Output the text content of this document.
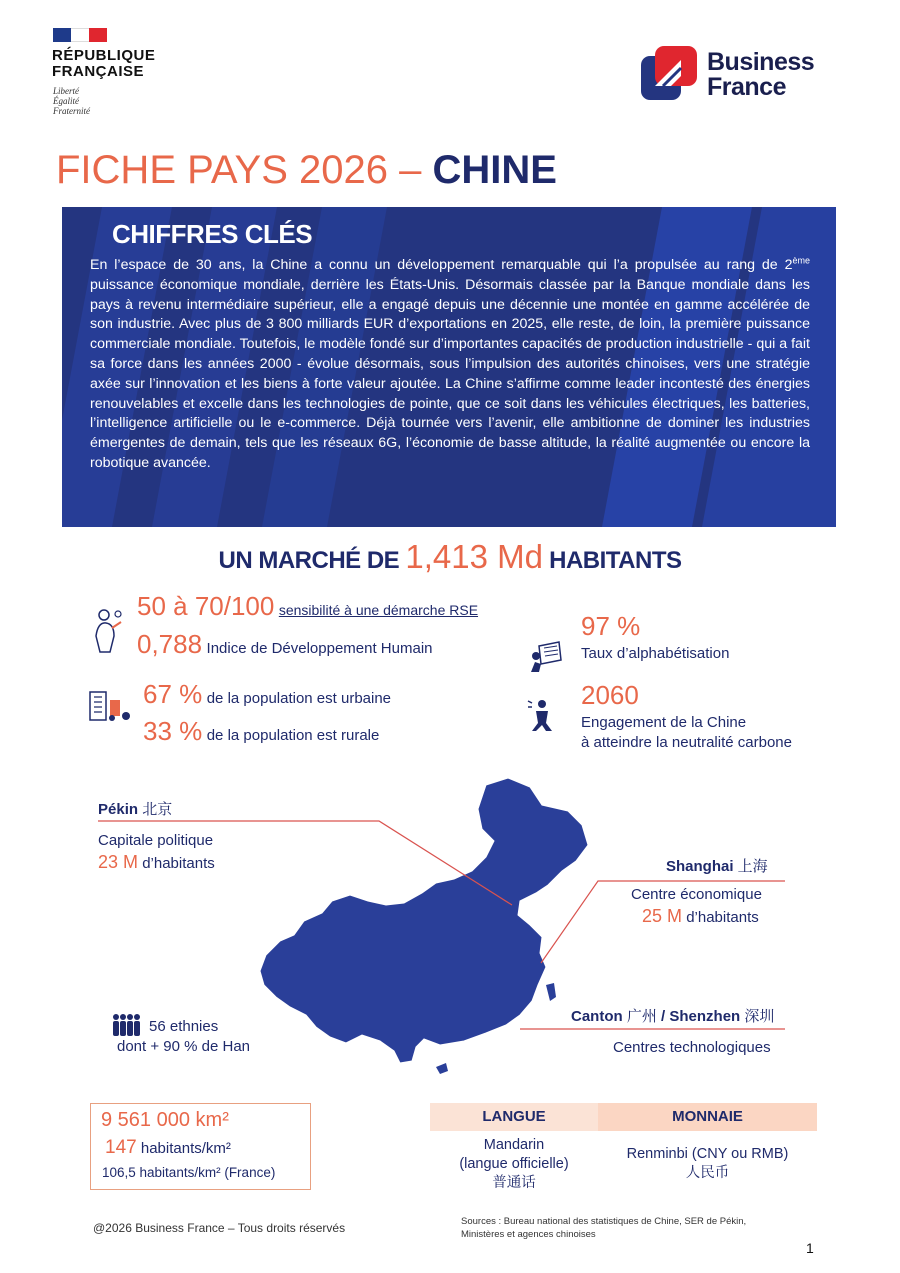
RÉPUBLIQUE
FRANÇAISE
Liberté
Égalité
Fraternité
Business
France
FICHE PAYS 2026 – CHINE
CHIFFRES CLÉS
En l’espace de 30 ans, la Chine a connu un développement remarquable qui l’a propulsée au rang de 2ème puissance économique mondiale, derrière les États-Unis. Désormais classée par la Banque mondiale dans les pays à revenu intermédiaire supérieur, elle a engagé depuis une décennie une montée en gamme accélérée de son industrie. Avec plus de 3 800 milliards EUR d’exportations en 2025, elle reste, de loin, la première puissance commerciale mondiale. Toutefois, le modèle fondé sur d’importantes capacités de production industrielle - qui a fait sa force dans les années 2000 - évolue désormais, sous l’impulsion des autorités chinoises, vers une stratégie axée sur l’innovation et les biens à forte valeur ajoutée. La Chine s’affirme comme leader incontesté des énergies renouvelables et excelle dans les technologies de pointe, que ce soit dans les véhicules électriques, les batteries, l’intelligence artificielle ou le e-commerce. Déjà tournée vers l’avenir, elle ambitionne de dominer les industries émergentes de demain, tels que les réseaux 6G, l’économie de basse altitude, la réalité augmentée ou encore la robotique avancée.
UN MARCHÉ DE 1,413 Md HABITANTS
50 à 70/100 sensibilité à une démarche RSE
0,788 Indice de Développement Humain
97 %
Taux d’alphabétisation
67 % de la population est urbaine
33 % de la population est rurale
2060
Engagement de la Chine
à atteindre la neutralité carbone
Pékin 北京
Capitale politique
23 M d’habitants	Shanghai 上海
Centre économique
25 M d’habitants
Canton 广州 / Shenzhen 深圳
Centres technologiques
56 ethnies
dont + 90 % de Han
9 561 000 km²
147 habitants/km²
106,5 habitants/km² (France)
LANGUE	MONNAIE
Mandarin
(langue officielle)
普通话
Renminbi (CNY ou RMB)
人民币
@2026 Business France – Tous droits réservés	Sources : Bureau national des statistiques de Chine, SER de Pékin,
Ministères et agences chinoises
1
